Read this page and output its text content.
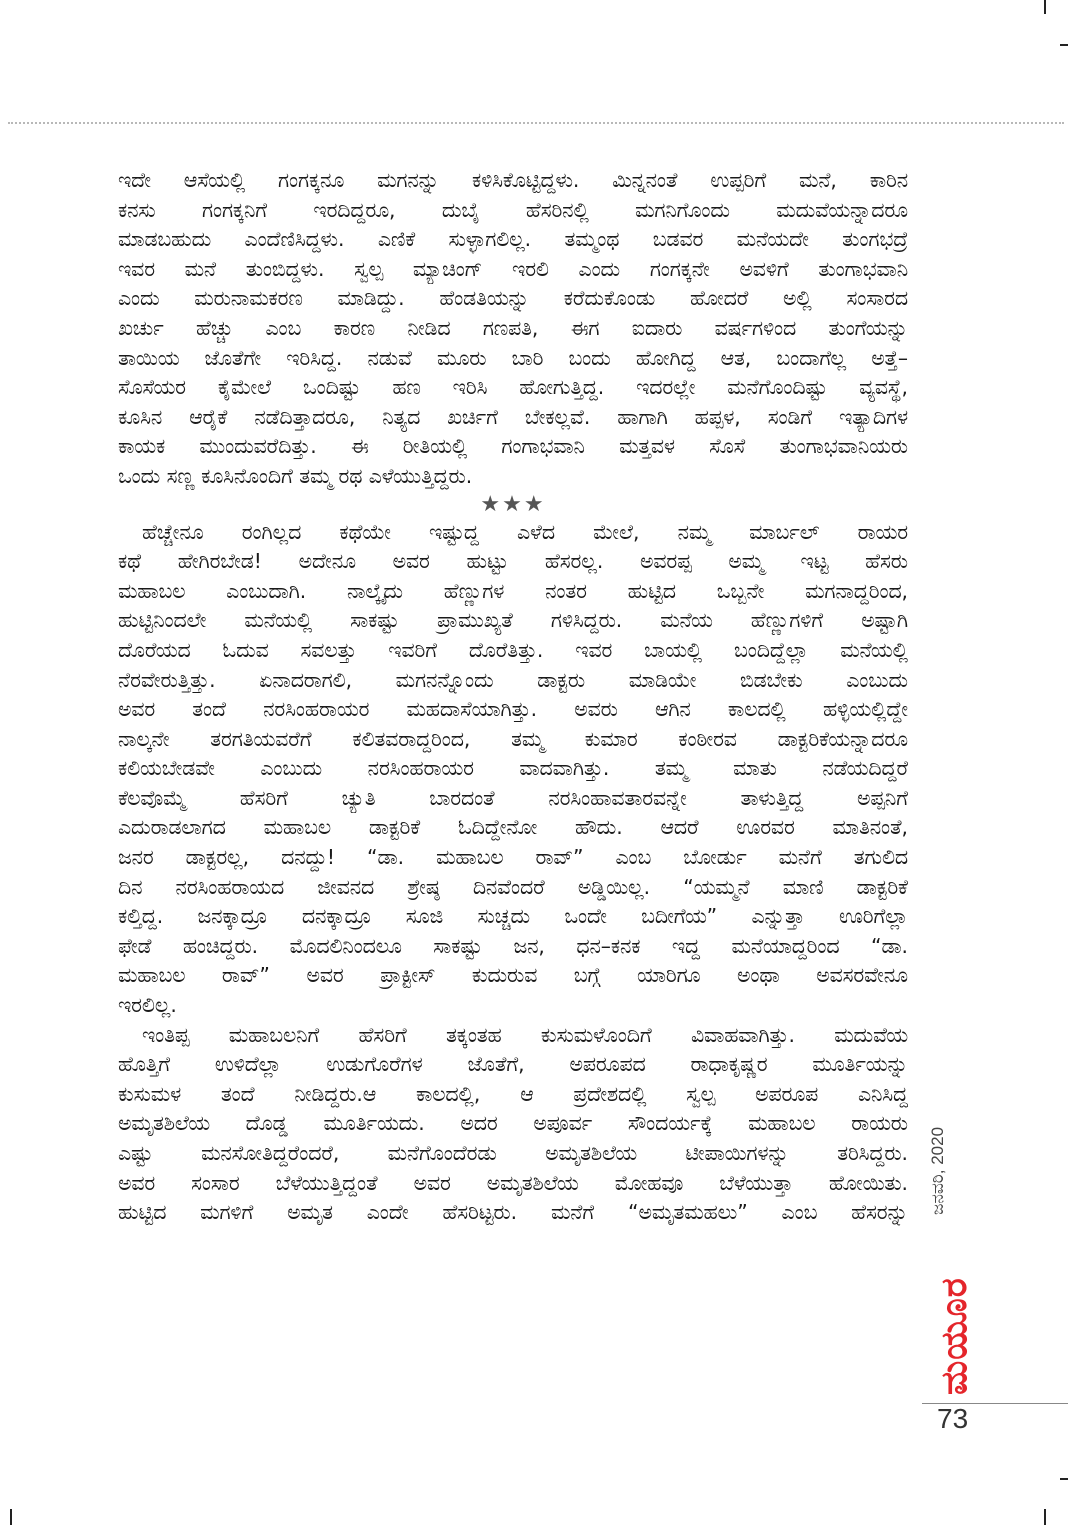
ಇದೇ ಆಸೆಯಲ್ಲಿ ಗಂಗಕ್ಕನೂ ಮಗನನ್ನು ಕಳಿಸಿಕೊಟ್ಟಿದ್ದಳು. ಮಿನ್ನನಂತೆ ಉಪ್ಪರಿಗೆ ಮನೆ, ಕಾರಿನ
ಕನಸು ಗಂಗಕ್ಕನಿಗೆ ಇರದಿದ್ದರೂ, ದುಬೈ ಹೆಸರಿನಲ್ಲಿ ಮಗನಿಗೊಂದು ಮದುವೆಯನ್ನಾದರೂ
ಮಾಡಬಹುದು ಎಂದೆಣಿಸಿದ್ದಳು. ಎಣಿಕೆ ಸುಳ್ಳಾಗಲಿಲ್ಲ. ತಮ್ಮಂಥ ಬಡವರ ಮನೆಯದೇ ತುಂಗಭದ್ರೆ
ಇವರ ಮನೆ ತುಂಬಿದ್ದಳು. ಸ್ವಲ್ಪ ಮ್ಯಾಚಿಂಗ್ ಇರಲಿ ಎಂದು ಗಂಗಕ್ಕನೇ ಅವಳಿಗೆ ತುಂಗಾಭವಾನಿ
ಎಂದು ಮರುನಾಮಕರಣ ಮಾಡಿದ್ದು. ಹೆಂಡತಿಯನ್ನು ಕರೆದುಕೊಂಡು ಹೋದರೆ ಅಲ್ಲಿ ಸಂಸಾರದ
ಖರ್ಚು ಹೆಚ್ಚು ಎಂಬ ಕಾರಣ ನೀಡಿದ ಗಣಪತಿ, ಈಗ ಐದಾರು ವರ್ಷಗಳಿಂದ ತುಂಗೆಯನ್ನು
ತಾಯಿಯ ಜೊತೆಗೇ ಇರಿಸಿದ್ದ. ನಡುವೆ ಮೂರು ಬಾರಿ ಬಂದು ಹೋಗಿದ್ದ ಆತ, ಬಂದಾಗೆಲ್ಲ ಅತ್ತೆ–
ಸೊಸೆಯರ ಕೈಮೇಲೆ ಒಂದಿಷ್ಟು ಹಣ ಇರಿಸಿ ಹೋಗುತ್ತಿದ್ದ. ಇದರಲ್ಲೇ ಮನೆಗೊಂದಿಷ್ಟು ವ್ಯವಸ್ಥೆ,
ಕೂಸಿನ ಆರೈಕೆ ನಡೆದಿತ್ತಾದರೂ, ನಿತ್ಯದ ಖರ್ಚಿಗೆ ಬೇಕಲ್ಲವೆ. ಹಾಗಾಗಿ ಹಪ್ಪಳ, ಸಂಡಿಗೆ ಇತ್ಯಾದಿಗಳ
ಕಾಯಕ ಮುಂದುವರೆದಿತ್ತು. ಈ ರೀತಿಯಲ್ಲಿ ಗಂಗಾಭವಾನಿ ಮತ್ತವಳ ಸೊಸೆ ತುಂಗಾಭವಾನಿಯರು
ಒಂದು ಸಣ್ಣ ಕೂಸಿನೊಂದಿಗೆ ತಮ್ಮ ರಥ ಎಳೆಯುತ್ತಿದ್ದರು.

★★★

ಹೆಚ್ಚೇನೂ ರಂಗಿಲ್ಲದ ಕಥೆಯೇ ಇಷ್ಟುದ್ದ ಎಳೆದ ಮೇಲೆ, ನಮ್ಮ ಮಾರ್ಬಲ್ ರಾಯರ
ಕಥೆ ಹೇಗಿರಬೇಡ! ಅದೇನೂ ಅವರ ಹುಟ್ಟು ಹೆಸರಲ್ಲ. ಅವರಪ್ಪ ಅಮ್ಮ ಇಟ್ಟ ಹೆಸರು
ಮಹಾಬಲ ಎಂಬುದಾಗಿ. ನಾಲ್ಕೈದು ಹೆಣ್ಣುಗಳ ನಂತರ ಹುಟ್ಟಿದ ಒಬ್ಬನೇ ಮಗನಾದ್ದರಿಂದ,
ಹುಟ್ಟಿನಿಂದಲೇ ಮನೆಯಲ್ಲಿ ಸಾಕಷ್ಟು ಪ್ರಾಮುಖ್ಯತೆ ಗಳಿಸಿದ್ದರು. ಮನೆಯ ಹೆಣ್ಣುಗಳಿಗೆ ಅಷ್ಟಾಗಿ
ದೊರೆಯದ ಓದುವ ಸವಲತ್ತು ಇವರಿಗೆ ದೊರೆತಿತ್ತು. ಇವರ ಬಾಯಲ್ಲಿ ಬಂದಿದ್ದೆಲ್ಲಾ ಮನೆಯಲ್ಲಿ
ನೆರವೇರುತ್ತಿತ್ತು. ಏನಾದರಾಗಲಿ, ಮಗನನ್ನೊಂದು ಡಾಕ್ಟರು ಮಾಡಿಯೇ ಬಿಡಬೇಕು ಎಂಬುದು
ಅವರ ತಂದೆ ನರಸಿಂಹರಾಯರ ಮಹದಾಸೆಯಾಗಿತ್ತು. ಅವರು ಆಗಿನ ಕಾಲದಲ್ಲಿ ಹಳ್ಳಿಯಲ್ಲಿದ್ದೇ
ನಾಲ್ಕನೇ ತರಗತಿಯವರೆಗೆ ಕಲಿತವರಾದ್ದರಿಂದ, ತಮ್ಮ ಕುಮಾರ ಕಂಠೀರವ ಡಾಕ್ಟರಿಕೆಯನ್ನಾದರೂ
ಕಲಿಯಬೇಡವೇ ಎಂಬುದು ನರಸಿಂಹರಾಯರ ವಾದವಾಗಿತ್ತು. ತಮ್ಮ ಮಾತು ನಡೆಯದಿದ್ದರೆ
ಕೆಲವೊಮ್ಮೆ ಹೆಸರಿಗೆ ಚ್ಯುತಿ ಬಾರದಂತೆ ನರಸಿಂಹಾವತಾರವನ್ನೇ ತಾಳುತ್ತಿದ್ದ ಅಪ್ಪನಿಗೆ
ಎದುರಾಡಲಾಗದ ಮಹಾಬಲ ಡಾಕ್ಟರಿಕೆ ಓದಿದ್ದೇನೋ ಹೌದು. ಆದರೆ ಊರವರ ಮಾತಿನಂತೆ,
ಜನರ ಡಾಕ್ಟರಲ್ಲ, ದನದ್ದು! “ಡಾ. ಮಹಾಬಲ ರಾವ್” ಎಂಬ ಬೋರ್ಡು ಮನೆಗೆ ತಗುಲಿದ
ದಿನ ನರಸಿಂಹರಾಯದ ಜೀವನದ ಶ್ರೇಷ್ಠ ದಿನವೆಂದರೆ ಅಡ್ಡಿಯಿಲ್ಲ. “ಯಮ್ಮನೆ ಮಾಣಿ ಡಾಕ್ಟರಿಕೆ
ಕಲ್ತಿದ್ದ. ಜನಕ್ಕಾದ್ರೂ ದನಕ್ಕಾದ್ರೂ ಸೂಜಿ ಸುಚ್ಚದು ಒಂದೇ ಬದೀಗೆಯ” ಎನ್ನುತ್ತಾ ಊರಿಗೆಲ್ಲಾ
ಫೇಡೆ ಹಂಚಿದ್ದರು. ಮೊದಲಿನಿಂದಲೂ ಸಾಕಷ್ಟು ಜನ, ಧನ–ಕನಕ ಇದ್ದ ಮನೆಯಾದ್ದರಿಂದ “ಡಾ.
ಮಹಾಬಲ ರಾವ್” ಅವರ ಪ್ರಾಕ್ಟೀಸ್ ಕುದುರುವ ಬಗ್ಗೆ ಯಾರಿಗೂ ಅಂಥಾ ಅವಸರವೇನೂ
ಇರಲಿಲ್ಲ.
ಇಂತಿಪ್ಪ ಮಹಾಬಲನಿಗೆ ಹೆಸರಿಗೆ ತಕ್ಕಂತಹ ಕುಸುಮಳೊಂದಿಗೆ ವಿವಾಹವಾಗಿತ್ತು. ಮದುವೆಯ
ಹೊತ್ತಿಗೆ ಉಳಿದೆಲ್ಲಾ ಉಡುಗೊರೆಗಳ ಜೊತೆಗೆ, ಅಪರೂಪದ ರಾಧಾಕೃಷ್ಣರ ಮೂರ್ತಿಯನ್ನು
ಕುಸುಮಳ ತಂದೆ ನೀಡಿದ್ದರು.ಆ ಕಾಲದಲ್ಲಿ, ಆ ಪ್ರದೇಶದಲ್ಲಿ ಸ್ವಲ್ಪ ಅಪರೂಪ ಎನಿಸಿದ್ದ
ಅಮೃತಶಿಲೆಯ ದೊಡ್ಡ ಮೂರ್ತಿಯದು. ಅದರ ಅಪೂರ್ವ ಸೌಂದರ್ಯಕ್ಕೆ ಮಹಾಬಲ ರಾಯರು
ಎಷ್ಟು ಮನಸೋತಿದ್ದರೆಂದರೆ, ಮನೆಗೊಂದೆರಡು ಅಮೃತಶಿಲೆಯ ಟೀಪಾಯಿಗಳನ್ನು ತರಿಸಿದ್ದರು.
ಅವರ ಸಂಸಾರ ಬೆಳೆಯುತ್ತಿದ್ದಂತೆ ಅವರ ಅಮೃತಶಿಲೆಯ ಮೋಹವೂ ಬೆಳೆಯುತ್ತಾ ಹೋಯಿತು.
ಹುಟ್ಟಿದ ಮಗಳಿಗೆ ಅಮೃತ ಎಂದೇ ಹೆಸರಿಟ್ಟರು. ಮನೆಗೆ “ಅಮೃತಮಹಲು” ಎಂಬ ಹೆಸರನ್ನು ಜನವರಿ, 2020
ಮಯೂರ
73
